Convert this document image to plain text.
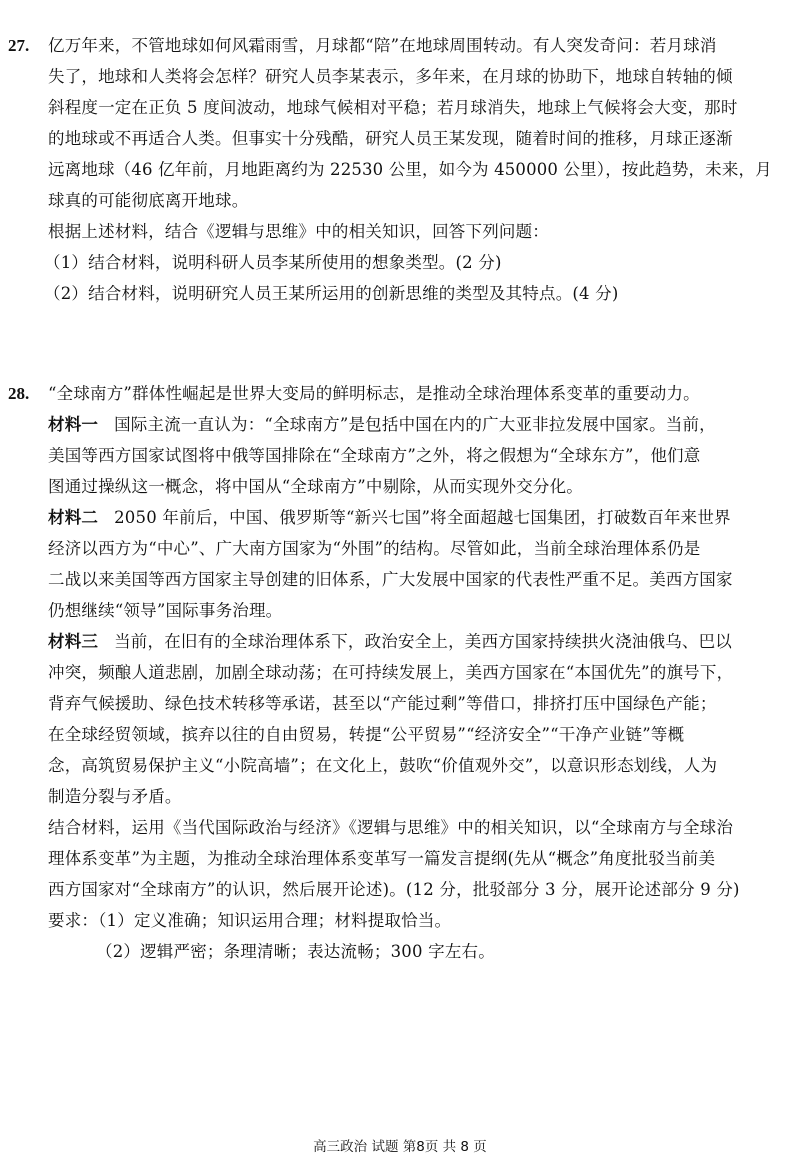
27. 亿万年来，不管地球如何风霜雨雪，月球都“陪”在地球周围转动。有人突发奇问：若月球消
失了，地球和人类将会怎样？研究人员李某表示，多年来，在月球的协助下，地球自转轴的倾
斜程度一定在正负 5 度间波动，地球气候相对平稳；若月球消失，地球上气候将会大变，那时
的地球或不再适合人类。但事实十分残酷，研究人员王某发现，随着时间的推移，月球正逐渐
远离地球（46 亿年前，月地距离约为 22530 公里，如今为 450000 公里），按此趋势，未来，月
球真的可能彻底离开地球。
根据上述材料，结合《逻辑与思维》中的相关知识，回答下列问题：
（1）结合材料，说明科研人员李某所使用的想象类型。(2 分)
（2）结合材料，说明研究人员王某所运用的创新思维的类型及其特点。(4 分)
28. “全球南方”群体性崛起是世界大变局的鲜明标志，是推动全球治理体系变革的重要动力。
材料一 国际主流一直认为：“全球南方”是包括中国在内的广大亚非拉发展中国家。当前，
美国等西方国家试图将中俄等国排除在“全球南方”之外，将之假想为“全球东方”，他们意
图通过操纵这一概念，将中国从“全球南方”中剔除，从而实现外交分化。
材料二 2050 年前后，中国、俄罗斯等“新兴七国”将全面超越七国集团，打破数百年来世界
经济以西方为“中心”、广大南方国家为“外围”的结构。尽管如此，当前全球治理体系仍是
二战以来美国等西方国家主导创建的旧体系，广大发展中国家的代表性严重不足。美西方国家
仍想继续“领导”国际事务治理。
材料三 当前，在旧有的全球治理体系下，政治安全上，美西方国家持续拱火浇油俄乌、巴以
冲突，频酿人道悲剧，加剧全球动荡；在可持续发展上，美西方国家在“本国优先”的旗号下，
背弃气候援助、绿色技术转移等承诺，甚至以“产能过剩”等借口，排挤打压中国绿色产能；
在全球经贸领域，摈弃以往的自由贸易，转提“公平贸易”“经济安全”“干净产业链”等概
念，高筑贸易保护主义“小院高墙”；在文化上，鼓吹“价值观外交”，以意识形态划线，人为
制造分裂与矛盾。
结合材料，运用《当代国际政治与经济》《逻辑与思维》中的相关知识，以“全球南方与全球治
理体系变革”为主题，为推动全球治理体系变革写一篇发言提纲(先从“概念”角度批驳当前美
西方国家对“全球南方”的认识，然后展开论述)。(12 分，批驳部分 3 分，展开论述部分 9 分)
要求：（1）定义准确；知识运用合理；材料提取恰当。
（2）逻辑严密；条理清晰；表达流畅；300 字左右。
高三政治 试题 第8页 共 8 页
